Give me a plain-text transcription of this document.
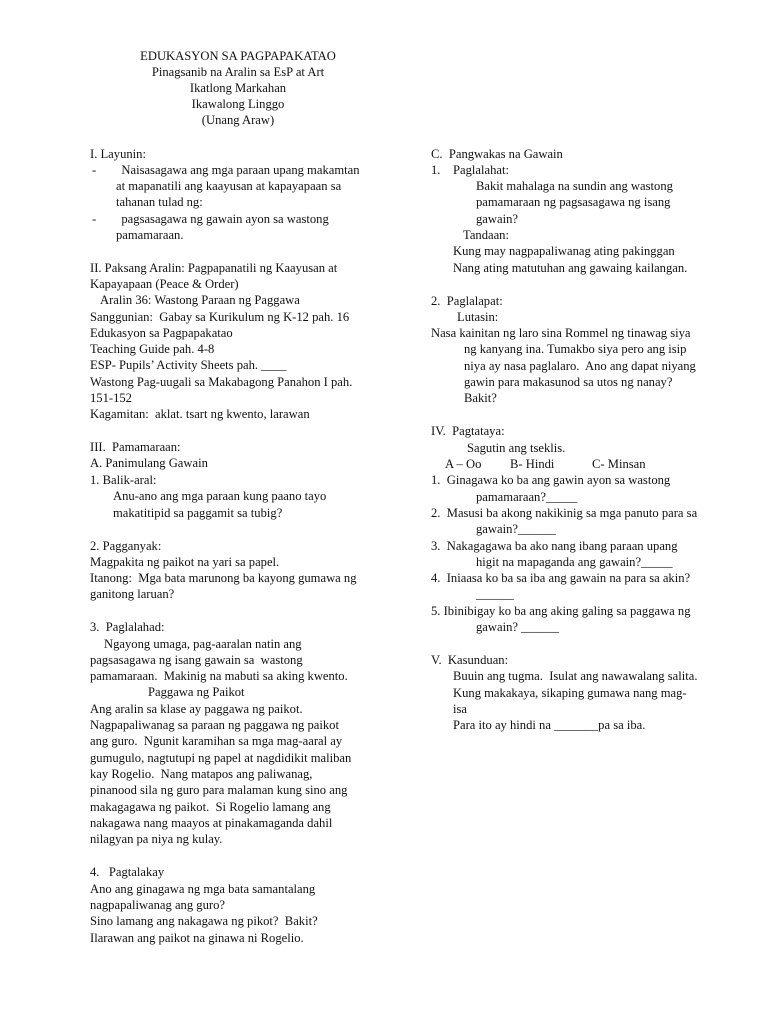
EDUKASYON SA PAGPAPAKATAO
Pinagsanib na Aralin sa EsP at Art
Ikatlong Markahan
Ikawalong Linggo
(Unang Araw)
I. Layunin:
-        Naisasagawa ang mga paraan upang makamtan
at mapanatili ang kaayusan at kapayapaan sa
tahanan tulad ng:
-        pagsasagawa ng gawain ayon sa wastong
pamamaraan.
II. Paksang Aralin: Pagpapanatili ng Kaayusan at
Kapayapaan (Peace & Order)
Aralin 36: Wastong Paraan ng Paggawa
Sanggunian:  Gabay sa Kurikulum ng K-12 pah. 16
Edukasyon sa Pagpapakatao
Teaching Guide pah. 4-8
ESP- Pupils’ Activity Sheets pah. ____
Wastong Pag-uugali sa Makabagong Panahon I pah.
151-152
Kagamitan:  aklat. tsart ng kwento, larawan
III.  Pamamaraan:
A. Panimulang Gawain
1. Balik-aral:
Anu-ano ang mga paraan kung paano tayo
makatitipid sa paggamit sa tubig?
2. Pagganyak:
Magpakita ng paikot na yari sa papel.
Itanong:  Mga bata marunong ba kayong gumawa ng
ganitong laruan?
3.  Paglalahad:
Ngayong umaga, pag-aaralan natin ang
pagsasagawa ng isang gawain sa  wastong
pamamaraan.  Makinig na mabuti sa aking kwento.
Paggawa ng Paikot
Ang aralin sa klase ay paggawa ng paikot.
Nagpapaliwanag sa paraan ng paggawa ng paikot
ang guro.  Ngunit karamihan sa mga mag-aaral ay
gumugulo, nagtutupi ng papel at nagdidikit maliban
kay Rogelio.  Nang matapos ang paliwanag,
pinanood sila ng guro para malaman kung sino ang
makagagawa ng paikot.  Si Rogelio lamang ang
nakagawa nang maayos at pinakamaganda dahil
nilagyan pa niya ng kulay.
4.   Pagtalakay
Ano ang ginagawa ng mga bata samantalang
nagpapaliwanag ang guro?
Sino lamang ang nakagawa ng pikot?  Bakit?
Ilarawan ang paikot na ginawa ni Rogelio.
C.  Pangwakas na Gawain
1.    Paglalahat:
Bakit mahalaga na sundin ang wastong
pamamaraan ng pagsasagawa ng isang
gawain?
Tandaan:
Kung may nagpapaliwanag ating pakinggan
Nang ating matutuhan ang gawaing kailangan.
2.  Paglalapat:
Lutasin:
Nasa kainitan ng laro sina Rommel ng tinawag siya
ng kanyang ina. Tumakbo siya pero ang isip
niya ay nasa paglalaro.  Ano ang dapat niyang
gawin para makasunod sa utos ng nanay?
Bakit?
IV.  Pagtataya:
Sagutin ang tseklis.
A – Oo B- Hindi	C- Minsan
1.  Ginagawa ko ba ang gawin ayon sa wastong
pamamaraan?_____
2.  Masusi ba akong nakikinig sa mga panuto para sa
gawain?______
3.  Nakagagawa ba ako nang ibang paraan upang
higit na mapaganda ang gawain?_____
4.  Iniaasa ko ba sa iba ang gawain na para sa akin?
______
5. Ibinibigay ko ba ang aking galing sa paggawa ng
gawain? ______
V.  Kasunduan:
Buuin ang tugma.  Isulat ang nawawalang salita.
Kung makakaya, sikaping gumawa nang mag-
isa
Para ito ay hindi na _______pa sa iba.
